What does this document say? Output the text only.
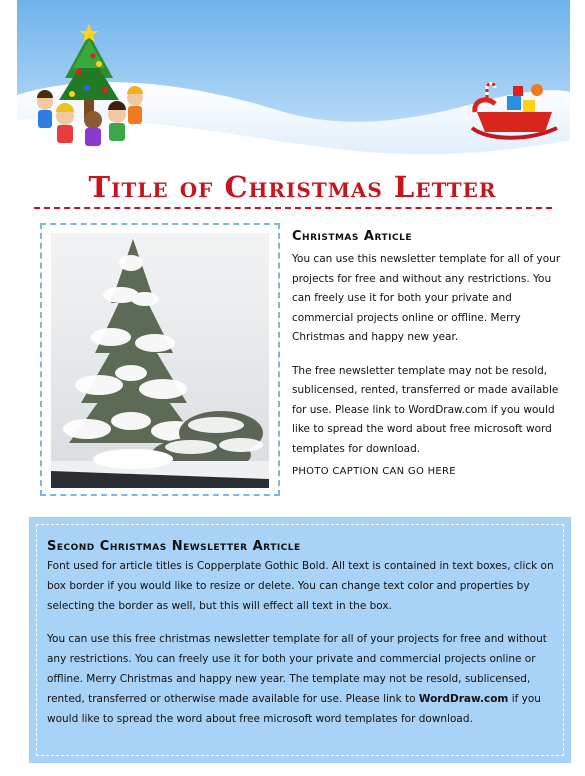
Title of Christmas Letter
Christmas Article

You can use this newsletter template for all of your projects for free and without any restrictions. You can freely use it for both your private and commercial projects online or offline. Merry Christmas and happy new year.

The free newsletter template may not be resold, sublicensed, rented, transferred or made available for use. Please link to WordDraw.com if you would like to spread the word about free microsoft word templates for download.

PHOTO CAPTION CAN GO HERE
Second Christmas Newsletter Article

Font used for article titles is Copperplate Gothic Bold. All text is contained in text boxes, click on box border if you would like to resize or delete. You can change text color and properties by selecting the border as well, but this will effect all text in the box.

You can use this free christmas newsletter template for all of your projects for free and without any restrictions. You can freely use it for both your private and commercial projects online or offline. Merry Christmas and happy new year. The template may not be resold, sublicensed, rented, transferred or otherwise made available for use. Please link to WordDraw.com if you would like to spread the word about free microsoft word templates for download.
